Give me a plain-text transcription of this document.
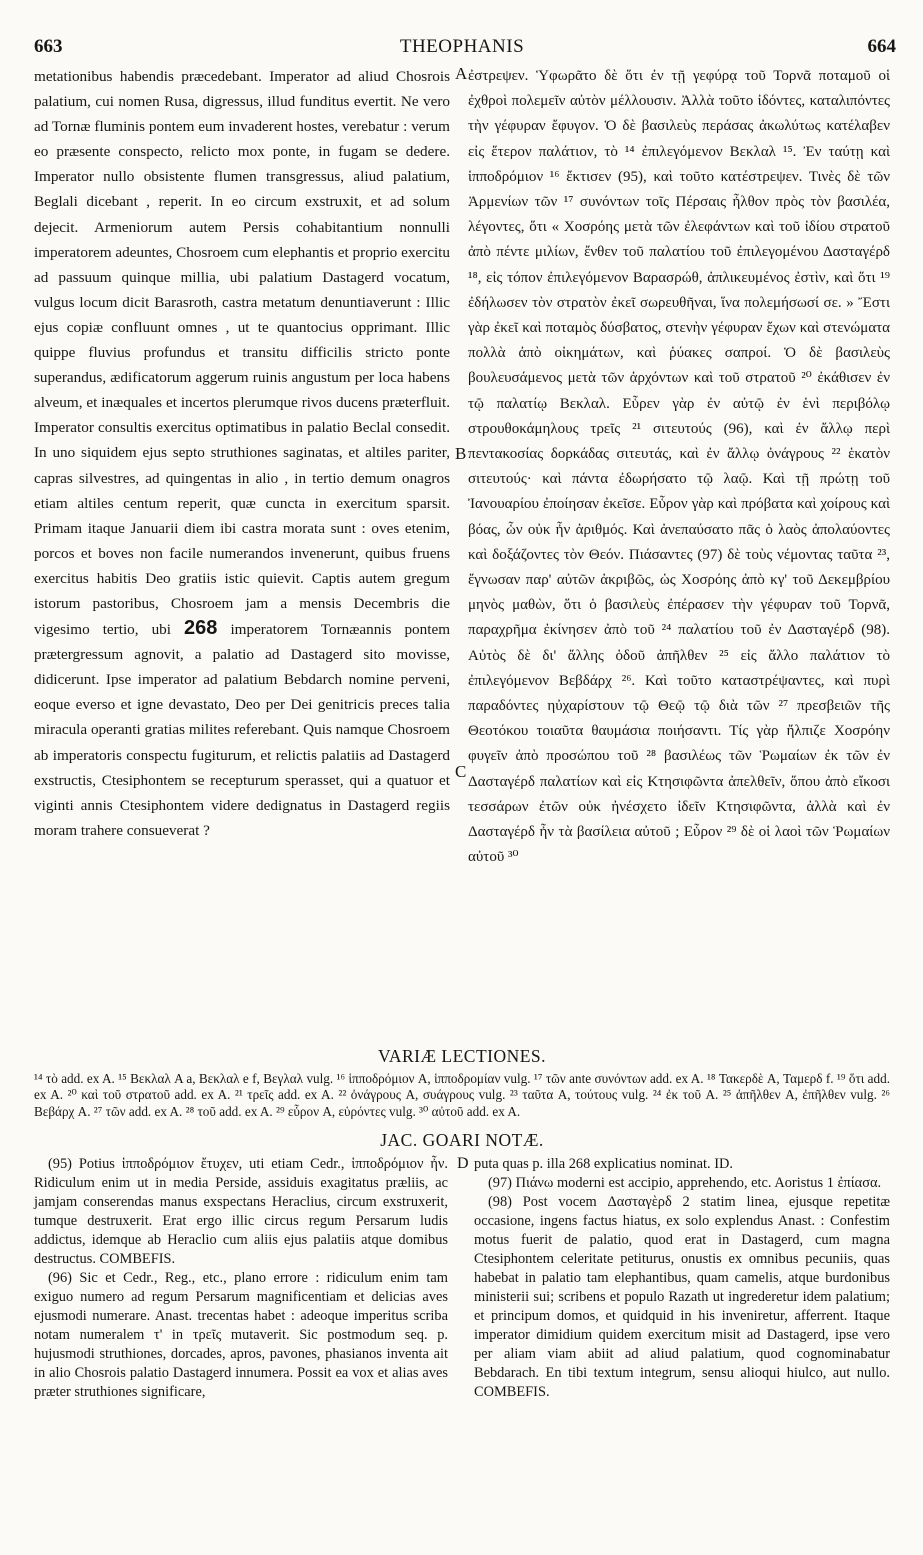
663	THEOPHANIS	664

metationibus habendis præcedebant. Imperator ad aliud Chosrois palatium, cui nomen Rusa, digressus, illud funditus evertit. Ne vero ad Tornæ fluminis pontem eum invaderent hostes, verebatur : verum eo præsente conspecto, relicto mox ponte, in fugam se dedere. Imperator nullo obsistente flumen transgressus, aliud palatium, Beglali dicebant , reperit. In eo circum exstruxit, et ad solum dejecit. Armeniorum autem Persis cohabitantium nonnulli imperatorem adeuntes, Chosroem cum elephantis et proprio exercitu ad passuum quinque millia, ubi palatium Dastagerd vocatum, vulgus locum dicit Barasroth, castra metatum denuntiaverunt : Illic ejus copiæ confluunt omnes , ut te quantocius opprimant. Illic quippe fluvius profundus et transitu difficilis stricto ponte superandus, ædificatorum aggerum ruinis angustum per loca habens alveum, et inæquales et incertos plerumque rivos ducens præterfluit. Imperator consultis exercitus optimatibus in palatio Beclal consedit. In uno siquidem ejus septo struthiones saginatas, et altiles pariter, capras silvestres, ad quingentas in alio , in tertio demum onagros etiam altiles centum reperit, quæ cuncta in exercitum sparsit. Primam itaque Januarii diem ibi castra morata sunt : oves etenim, porcos et boves non facile numerandos invenerunt, quibus fruens exercitus habitis Deo gratiis istic quievit. Captis autem gregum istorum pastoribus, Chosroem jam a mensis Decembris die vigesimo tertio, ubi 268 imperatorem Tornæannis pontem prætergressum agnovit, a palatio ad Dastagerd sito movisse, didicerunt. Ipse imperator ad palatium Bebdarch nomine perveni, eoque everso et igne devastato, Deo per Dei genitricis preces talia miracula operanti gratias milites referebant. Quis namque Chosroem ab imperatoris conspectu fugiturum, et relictis palatiis ad Dastagerd exstructis, Ctesiphontem se recepturum sperasset, qui a quatuor et viginti annis Ctesiphontem videre dedignatus in Dastagerd regiis moram trahere consueverat ?

A
B
C

ἐστρεψεν. Ὑφωρᾶτο δὲ ὅτι ἐν τῇ γεφύρᾳ τοῦ Τορνᾶ ποταμοῦ οἱ ἐχθροὶ πολεμεῖν αὐτὸν μέλλουσιν. Ἀλλὰ τοῦτο ἰδόντες, καταλιπόντες τὴν γέφυραν ἔφυγον. Ὁ δὲ βασιλεὺς περάσας ἀκωλύτως κατέλαβεν εἰς ἕτερον παλάτιον, τὸ ¹⁴ ἐπιλεγόμενον Βεκλαλ ¹⁵. Ἐν ταύτῃ καὶ ἱπποδρόμιον ¹⁶ ἔκτισεν (95), καὶ τοῦτο κατέστρεψεν. Τινὲς δὲ τῶν Ἀρμενίων τῶν ¹⁷ συνόντων τοῖς Πέρσαις ἦλθον πρὸς τὸν βασιλέα, λέγοντες, ὅτι « Χοσρόης μετὰ τῶν ἐλεφάντων καὶ τοῦ ἰδίου στρατοῦ ἀπὸ πέντε μιλίων, ἔνθεν τοῦ παλατίου τοῦ ἐπιλεγομένου Δασταγέρδ ¹⁸, εἰς τόπον ἐπιλεγόμενον Βαρασρώθ, ἀπλικευμένος ἐστὶν, καὶ ὅτι ¹⁹ ἐδήλωσεν τὸν στρατὸν ἐκεῖ σωρευθῆναι, ἵνα πολεμήσωσί σε. » Ἔστι γὰρ ἐκεῖ καὶ ποταμὸς δύσβατος, στενὴν γέφυραν ἔχων καὶ στενώματα πολλὰ ἀπὸ οἰκημάτων, καὶ ῥύακες σαπροί. Ὁ δὲ βασιλεὺς βουλευσάμενος μετὰ τῶν ἀρχόντων καὶ τοῦ στρατοῦ ²⁰ ἐκάθισεν ἐν τῷ παλατίῳ Βεκλαλ. Εὗρεν γὰρ ἐν αὐτῷ ἐν ἑνὶ περιβόλῳ στρουθοκάμηλους τρεῖς ²¹ σιτευτούς (96), καὶ ἐν ἄλλῳ περὶ πεντακοσίας δορκάδας σιτευτάς, καὶ ἐν ἄλλῳ ὀνάγρους ²² ἑκατὸν σιτευτούς· καὶ πάντα ἐδωρήσατο τῷ λαῷ. Καὶ τῇ πρώτῃ τοῦ Ἰανουαρίου ἐποίησαν ἐκεῖσε. Εὗρον γὰρ καὶ πρόβατα καὶ χοίρους καὶ βόας, ὧν οὐκ ἦν ἀριθμός. Καὶ ἀνεπαύσατο πᾶς ὁ λαὸς ἀπολαύοντες καὶ δοξάζοντες τὸν Θεόν. Πιάσαντες (97) δὲ τοὺς νέμοντας ταῦτα ²³, ἔγνωσαν παρ' αὐτῶν ἀκριβῶς, ὡς Χοσρόης ἀπὸ κγ' τοῦ Δεκεμβρίου μηνὸς μαθὼν, ὅτι ὁ βασιλεὺς ἐπέρασεν τὴν γέφυραν τοῦ Τορνᾶ, παραχρῆμα ἐκίνησεν ἀπὸ τοῦ ²⁴ παλατίου τοῦ ἐν Δασταγέρδ (98). Αὐτὸς δὲ δι' ἄλλης ὁδοῦ ἀπῆλθεν ²⁵ εἰς ἄλλο παλάτιον τὸ ἐπιλεγόμενον Βεβδάρχ ²⁶. Καὶ τοῦτο καταστρέψαντες, καὶ πυρὶ παραδόντες ηὐχαρίστουν τῷ Θεῷ τῷ διὰ τῶν ²⁷ πρεσβειῶν τῆς Θεοτόκου τοιαῦτα θαυμάσια ποιήσαντι. Τίς γὰρ ἤλπιζε Χοσρόην φυγεῖν ἀπὸ προσώπου τοῦ ²⁸ βασιλέως τῶν Ῥωμαίων ἐκ τῶν ἐν Δασταγέρδ παλατίων καὶ εἰς Κτησιφῶντα ἀπελθεῖν, ὅπου ἀπὸ εἴκοσι τεσσάρων ἐτῶν οὐκ ἠνέσχετο ἰδεῖν Κτησιφῶντα, ἀλλὰ καὶ ἐν Δασταγέρδ ἦν τὰ βασίλεια αὐτοῦ ; Εὗρον ²⁹ δὲ οἱ λαοὶ τῶν Ῥωμαίων αὐτοῦ ³⁰

VARIÆ LECTIONES.
¹⁴ τὸ add. ex A. ¹⁵ Βεκλαλ A a, Βεκλαλ e f, Βεγλαλ vulg. ¹⁶ ἱπποδρόμιον A, ἱπποδρομίαν vulg. ¹⁷ τῶν ante συνόντων add. ex A. ¹⁸ Τακερδὲ A, Ταμερδ f. ¹⁹ ὅτι add. ex A. ²⁰ καὶ τοῦ στρατοῦ add. ex A. ²¹ τρεῖς add. ex A. ²² ὀνάγρους A, συάγρους vulg. ²³ ταῦτα A, τούτους vulg. ²⁴ ἐκ τοῦ A. ²⁵ ἀπῆλθεν A, ἐπῆλθεν vulg. ²⁶ Βεβάρχ A. ²⁷ τῶν add. ex A. ²⁸ τοῦ add. ex A. ²⁹ εὗρον A, εὑρόντες vulg. ³⁰ αὐτοῦ add. ex A.
JAC. GOARI NOTÆ.

(95) Potius ἱπποδρόμιον ἔτυχεν, uti etiam Cedr., ἱπποδρόμιον ἦν. Ridiculum enim ut in media Perside, assiduis exagitatus præliis, ac jamjam conserendas manus exspectans Heraclius, circum exstruxerit, tumque destruxerit. Erat ergo illic circus regum Persarum ludis addictus, idemque ab Heraclio cum aliis ejus palatiis atque domibus destructus. COMBEFIS.

(96) Sic et Cedr., Reg., etc., plano errore : ridiculum enim tam exiguo numero ad regum Persarum magnificentiam et delicias aves ejusmodi numerare. Anast. trecentas habet : adeoque imperitus scriba notam numeralem τ' in τρεῖς mutaverit. Sic postmodum seq. p. hujusmodi struthiones, dorcades, apros, pavones, phasianos inventa ait in alio Chosrois palatio Dastagerd innumera. Possit ea vox et alias aves præter struthiones significare,

D puta quas p. illa 268 explicatius nominat. ID.

(97) Πιάνω moderni est accipio, apprehendo, etc. Aoristus 1 ἐπίασα.

(98) Post vocem Δασταγὲρδ 2 statim linea, ejusque repetitæ occasione, ingens factus hiatus, ex solo explendus Anast. : Confestim motus fuerit de palatio, quod erat in Dastagerd, cum magna Ctesiphontem celeritate petiturus, onustis ex omnibus pecuniis, quas habebat in palatio tam elephantibus, quam camelis, atque burdonibus ministerii sui; scribens et populo Razath ut ingrederetur idem palatium; et principum domos, et quidquid in his inveniretur, afferrent. Itaque imperator dimidium quidem exercitum misit ad Dastagerd, ipse vero per aliam viam abiit ad aliud palatium, quod cognominabatur Bebdarach. En tibi textum integrum, sensu alioqui hiulco, aut nullo. COMBEFIS.
